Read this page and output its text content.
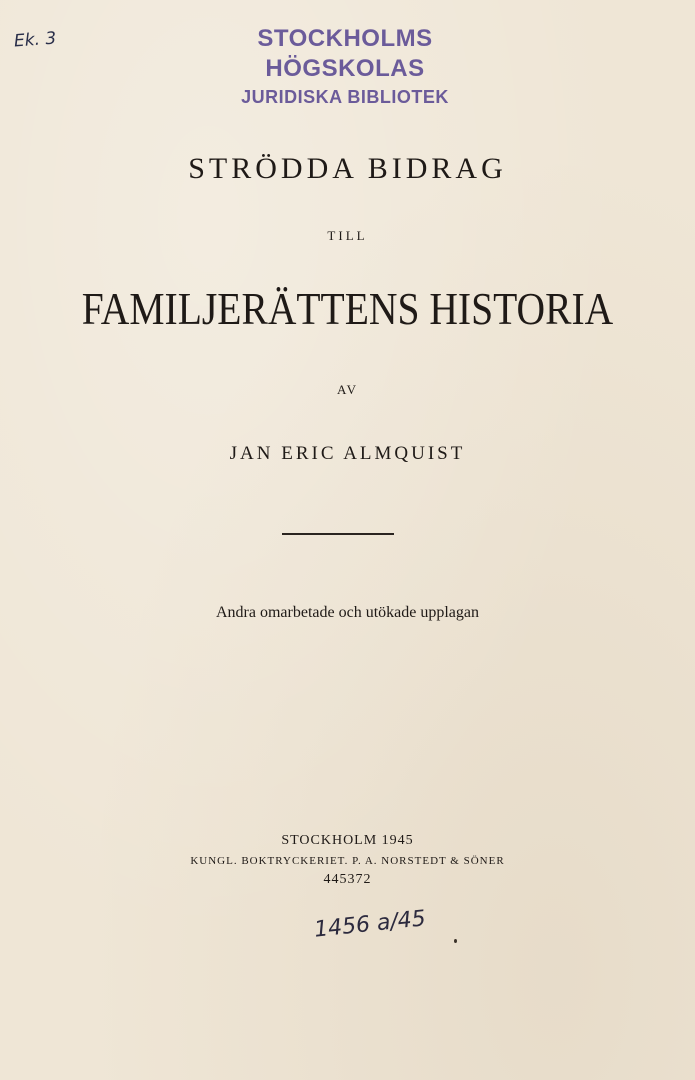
Ek. 3	STOCKHOLMS HÖGSKOLAS
JURIDISKA BIBLIOTEK
STRÖDDA BIDRAG
TILL
FAMILJERÄTTENS HISTORIA
AV
JAN ERIC ALMQUIST
Andra omarbetade och utökade upplagan
STOCKHOLM 1945
KUNGL. BOKTRYCKERIET. P. A. NORSTEDT & SÖNER
445372
1456 a/45
